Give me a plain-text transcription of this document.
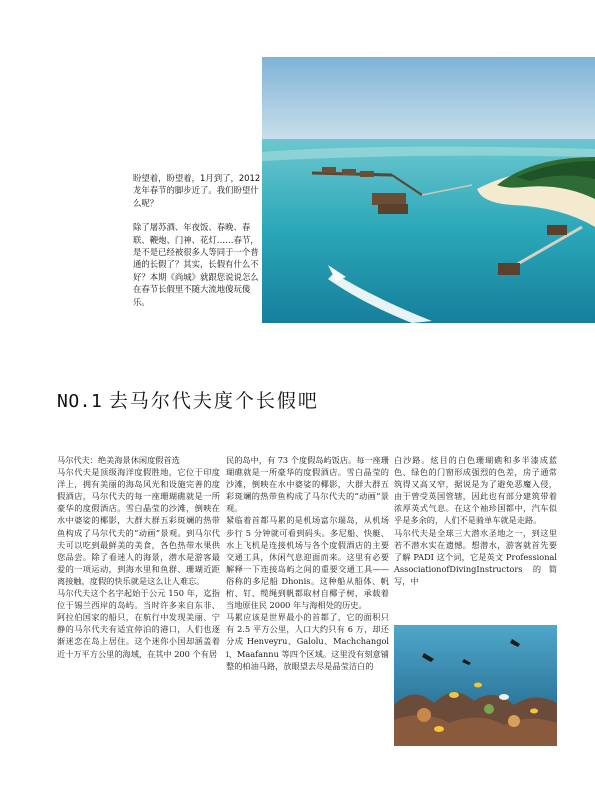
盼望着，盼望着，1月到了，2012 龙年春节的脚步近了。我们盼望什么呢？

除了屠苏酒、年夜饭、春晚、春联、鞭炮、门神、花灯……春节，是不是已经被很多人等同于一个普通的长假了？其实，长假有什么不好？本期《尚城》就跟您说说怎么在春节长假里不随大流地傻玩傻乐。

NO.1 去马尔代夫度个长假吧

马尔代夫：绝美海景休闲度假首选

马尔代夫是顶级海洋度假胜地，它位于印度洋上，拥有美丽的海岛风光和设施完善的度假酒店，马尔代夫的每一座珊瑚礁就是一所豪华的度假酒店。雪白晶莹的沙滩，倒映在水中婆娑的椰影，大群大群五彩斑斓的热带鱼构成了马尔代夫的“动画”景观。到马尔代夫可以吃到最鲜美的美食，各色热带水果供您品尝。除了看迷人的海景，潜水是游客最爱的一项运动，到海水里和鱼群、珊瑚近距离接触，度假的快乐就是这么让人难忘。

马尔代夫这个名字起始于公元 150 年，迄指位于锡兰西岸的岛屿。当时许多来自东非、阿拉伯国家的船只，在航行中发现美丽、宁静的马尔代夫有适宜停泊的港口，人们也逐渐迷恋在岛上居住。这个迷你小国却涵盖着近十万平方公里的海域，在其中 200 个有居

民的岛中，有 73 个度假岛屿饭店。每一座珊瑚礁就是一所豪华的度假酒店。雪白晶莹的沙滩，倒映在水中婆娑的椰影，大群大群五彩斑斓的热带鱼构成了马尔代夫的“动画”景观。

紧临着首都马累的是机场富尔瑞岛，从机场步行 5 分钟就可看到码头。多尼船、快艇、水上飞机是连接机场与各个度假酒店的主要交通工具，休闲气息迎面而来。这里有必要解释一下连接岛屿之间的重要交通工具——俗称的多尼船 Dhonis。这种船从船体、帆桁、钉、缆绳到帆都取材自椰子树，承载着当地原住民 2000 年与海相处的历史。

马累应该是世界最小的首都了，它的面积只有 2.5 平方公里，人口大约只有 6 万，却还分成 Henveyru、Galolu、Machchangoli、Maafannu 等四个区域。这里没有刻意铺整的柏油马路，放眼望去尽是晶莹洁白的

白沙路。炫目的白色珊瑚礁和多半漆成蓝色、绿色的门窗形成强烈的色差，房子通常筑得又高又窄，据说是为了避免恶魔入侵，由于曾受英国管辖，因此也有部分建筑带着浓厚英式气息。在这个袖珍国都中，汽车似乎是多余的，人们不是骑单车就是走路。

马尔代夫是全球三大潜水圣地之一，到这里若不潜水实在遗憾。想潜水，游客就首先要了解 PADI 这个词，它是英文 ProfessionalAssociationofDivingInstructors 的简写，中
